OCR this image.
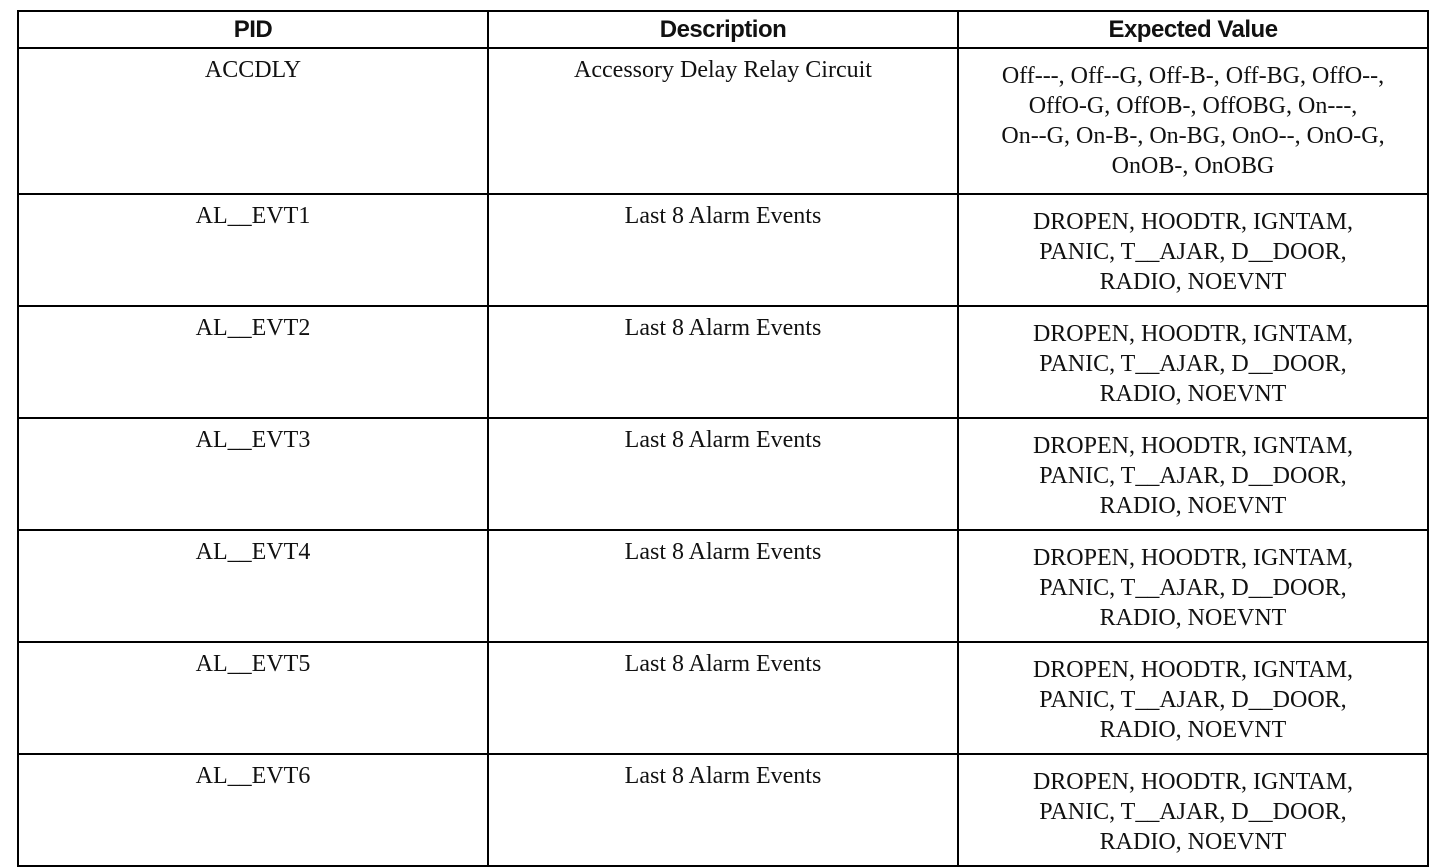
PID	Description	Expected Value
ACCDLY	Accessory Delay Relay Circuit	Off---, Off--G, Off-B-, Off-BG, OffO--,
OffO-G, OffOB-, OffOBG, On---,
On--G, On-B-, On-BG, OnO--, OnO-G,
OnOB-, OnOBG

AL__EVT1	Last 8 Alarm Events	DROPEN, HOODTR, IGNTAM,
PANIC, T__AJAR, D__DOOR,
RADIO, NOEVNT

AL__EVT2	Last 8 Alarm Events	DROPEN, HOODTR, IGNTAM,
PANIC, T__AJAR, D__DOOR,
RADIO, NOEVNT

AL__EVT3	Last 8 Alarm Events	DROPEN, HOODTR, IGNTAM,
PANIC, T__AJAR, D__DOOR,
RADIO, NOEVNT

AL__EVT4	Last 8 Alarm Events	DROPEN, HOODTR, IGNTAM,
PANIC, T__AJAR, D__DOOR,
RADIO, NOEVNT

AL__EVT5	Last 8 Alarm Events	DROPEN, HOODTR, IGNTAM,
PANIC, T__AJAR, D__DOOR,
RADIO, NOEVNT

AL__EVT6	Last 8 Alarm Events	DROPEN, HOODTR, IGNTAM,
PANIC, T__AJAR, D__DOOR,
RADIO, NOEVNT
